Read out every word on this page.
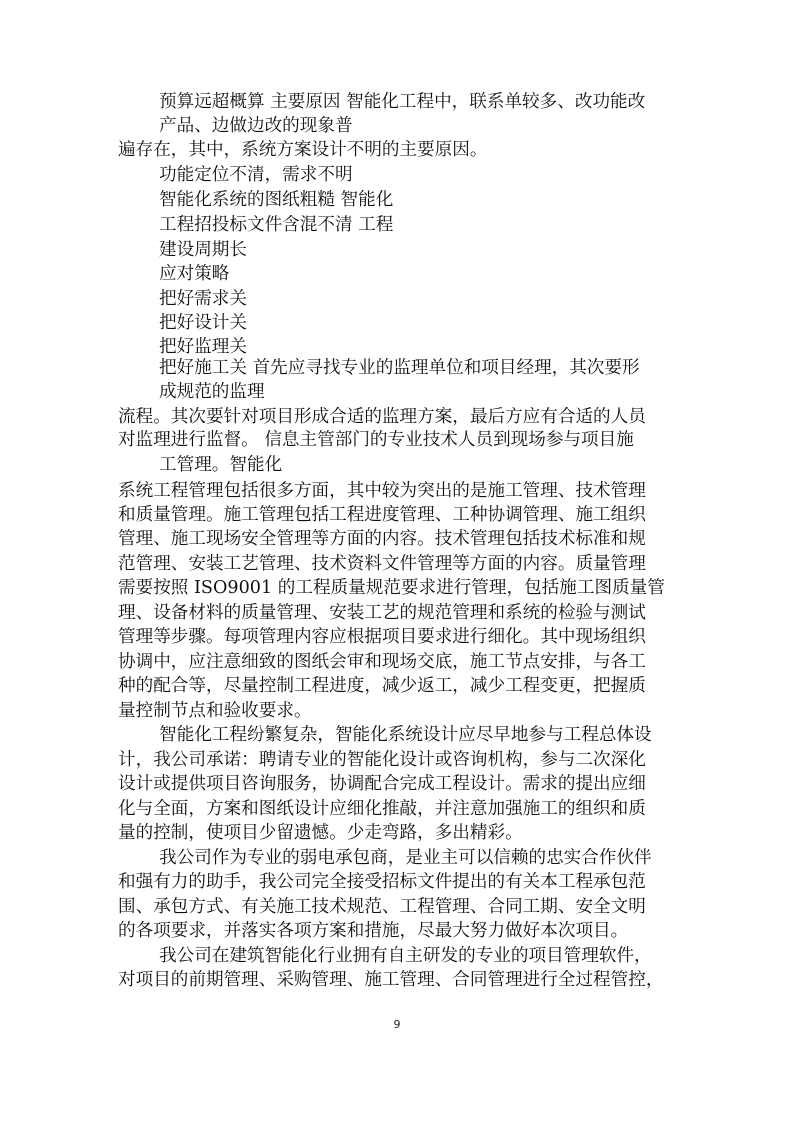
预算远超概算 主要原因 智能化工程中，联系单较多、改功能改

产品、边做边改的现象普

遍存在，其中，系统方案设计不明的主要原因。

功能定位不清，需求不明

智能化系统的图纸粗糙 智能化

工程招投标文件含混不清 工程

建设周期长

应对策略

把好需求关

把好设计关

把好监理关

把好施工关 首先应寻找专业的监理单位和项目经理，其次要形

成规范的监理

流程。其次要针对项目形成合适的监理方案，最后方应有合适的人员

对监理进行监督。 信息主管部门的专业技术人员到现场参与项目施

工管理。智能化

系统工程管理包括很多方面，其中较为突出的是施工管理、技术管理

和质量管理。施工管理包括工程进度管理、工种协调管理、施工组织

管理、施工现场安全管理等方面的内容。技术管理包括技术标准和规

范管理、安装工艺管理、技术资料文件管理等方面的内容。质量管理

需要按照 ISO9001 的工程质量规范要求进行管理，包括施工图质量管

理、设备材料的质量管理、安装工艺的规范管理和系统的检验与测试

管理等步骤。每项管理内容应根据项目要求进行细化。其中现场组织

协调中，应注意细致的图纸会审和现场交底，施工节点安排，与各工

种的配合等，尽量控制工程进度，减少返工，减少工程变更，把握质

量控制节点和验收要求。

智能化工程纷繁复杂，智能化系统设计应尽早地参与工程总体设

计，我公司承诺：聘请专业的智能化设计或咨询机构，参与二次深化

设计或提供项目咨询服务，协调配合完成工程设计。需求的提出应细

化与全面，方案和图纸设计应细化推敲，并注意加强施工的组织和质

量的控制，使项目少留遗憾。少走弯路，多出精彩。

我公司作为专业的弱电承包商，是业主可以信赖的忠实合作伙伴

和强有力的助手，我公司完全接受招标文件提出的有关本工程承包范

围、承包方式、有关施工技术规范、工程管理、合同工期、安全文明

的各项要求，并落实各项方案和措施，尽最大努力做好本次项目。

我公司在建筑智能化行业拥有自主研发的专业的项目管理软件，

对项目的前期管理、采购管理、施工管理、合同管理进行全过程管控，

9
